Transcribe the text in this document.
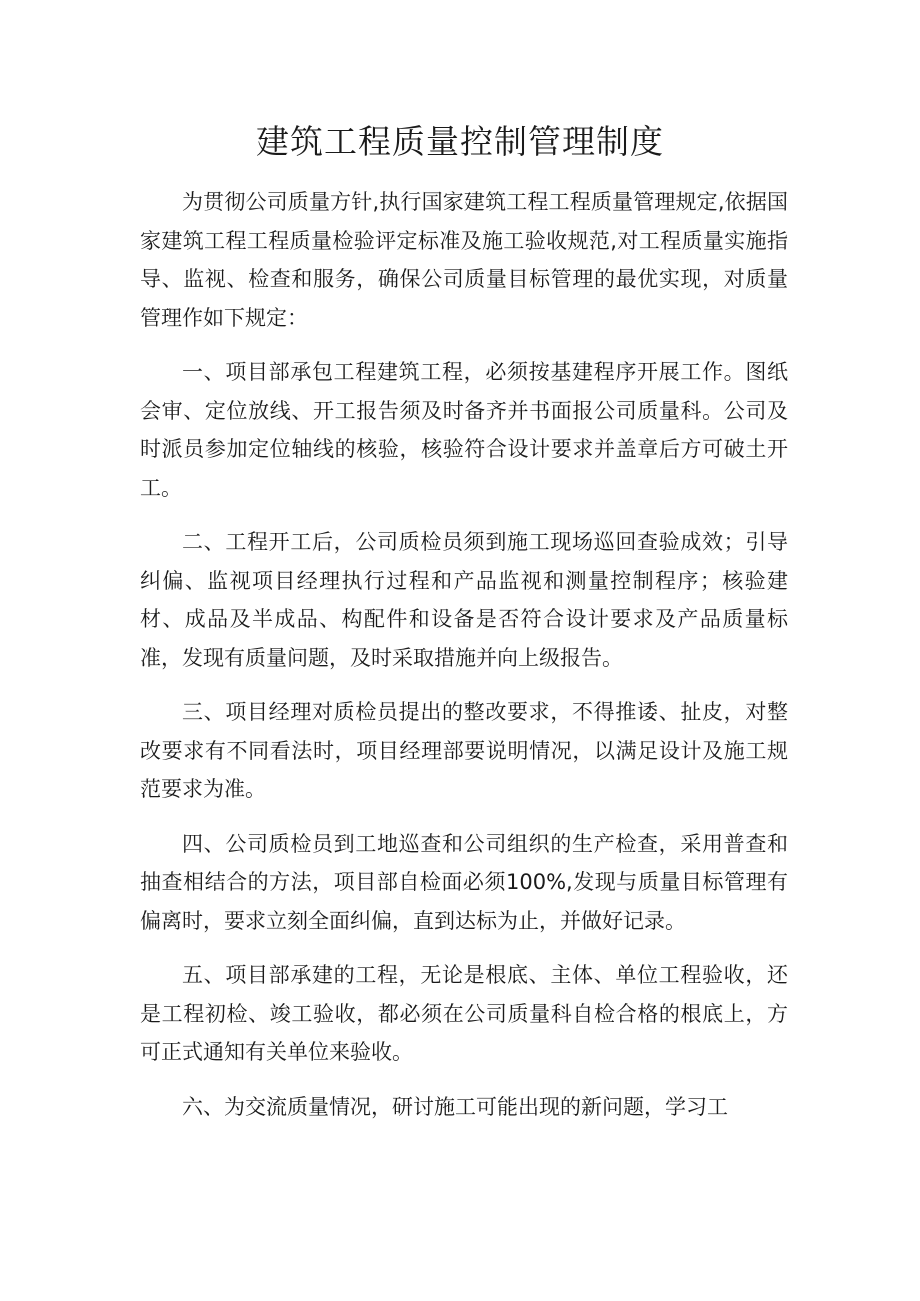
建筑工程质量控制管理制度

为贯彻公司质量方针,执行国家建筑工程工程质量管理规定,依据国家建筑工程工程质量检验评定标准及施工验收规范,对工程质量实施指导、监视、检查和服务，确保公司质量目标管理的最优实现，对质量管理作如下规定：

一、项目部承包工程建筑工程，必须按基建程序开展工作。图纸会审、定位放线、开工报告须及时备齐并书面报公司质量科。公司及时派员参加定位轴线的核验，核验符合设计要求并盖章后方可破土开工。

二、工程开工后，公司质检员须到施工现场巡回查验成效；引导纠偏、监视项目经理执行过程和产品监视和测量控制程序；核验建材、成品及半成品、构配件和设备是否符合设计要求及产品质量标准，发现有质量问题，及时采取措施并向上级报告。

三、项目经理对质检员提出的整改要求，不得推诿、扯皮，对整改要求有不同看法时，项目经理部要说明情况，以满足设计及施工规范要求为准。

四、公司质检员到工地巡查和公司组织的生产检查，采用普查和抽查相结合的方法，项目部自检面必须100%,发现与质量目标管理有偏离时，要求立刻全面纠偏，直到达标为止，并做好记录。

五、项目部承建的工程，无论是根底、主体、单位工程验收，还是工程初检、竣工验收，都必须在公司质量科自检合格的根底上，方可正式通知有关单位来验收。

六、为交流质量情况，研讨施工可能出现的新问题，学习工
